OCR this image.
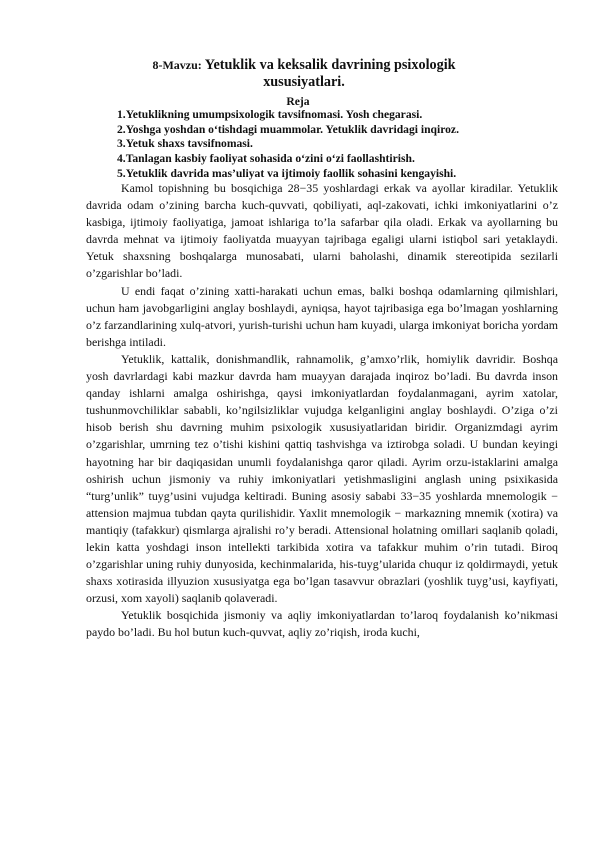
8-Mavzu: Yetuklik va keksalik davrining psixologik
xususiyatlari.
Reja
1.Yetuklikning umumpsixologik tavsifnomasi. Yosh chegarasi.
2.Yoshga yoshdan o‘tishdagi muammolar. Yetuklik davridagi inqiroz.
3.Yetuk shaxs tavsifnomasi.
4.Tanlagan kasbiy faoliyat sohasida o‘zini o‘zi faollashtirish.
5.Yetuklik davrida mas’uliyat va ijtimoiy faollik sohasini kengayishi.

Kamol topishning bu bosqichiga 28−35 yoshlardagi erkak va ayollar kiradilar. Yetuklik davrida odam o’zining barcha kuch-quvvati, qobiliyati, aql-zakovati, ichki imkoniyatlarini o’z kasbiga, ijtimoiy faoliyatiga, jamoat ishlariga to’la safarbar qila oladi. Erkak va ayollarning bu davrda mehnat va ijtimoiy faoliyatda muayyan tajribaga egaligi ularni istiqbol sari yetaklaydi. Yetuk shaxsning boshqalarga munosabati, ularni baholashi, dinamik stereotipida sezilarli o’zgarishlar bo’ladi.

U endi faqat o’zining xatti-harakati uchun emas, balki boshqa odamlarning qilmishlari, uchun ham javobgarligini anglay boshlaydi, ayniqsa, hayot tajribasiga ega bo’lmagan yoshlarning o’z farzandlarining xulq-atvori, yurish-turishi uchun ham kuyadi, ularga imkoniyat boricha yordam berishga intiladi.

Yetuklik, kattalik, donishmandlik, rahnamolik, g’amxo’rlik, homiylik davridir. Boshqa yosh davrlardagi kabi mazkur davrda ham muayyan darajada inqiroz bo’ladi. Bu davrda inson qanday ishlarni amalga oshirishga, qaysi imkoniyatlardan foydalanmagani, ayrim xatolar, tushunmovchiliklar sababli, ko’ngilsizliklar vujudga kelganligini anglay boshlaydi. O’ziga o’zi hisob berish shu davrning muhim psixologik xususiyatlaridan biridir. Organizmdagi ayrim o’zgarishlar, umrning tez o’tishi kishini qattiq tashvishga va iztirobga soladi. U bundan keyingi hayotning har bir daqiqasidan unumli foydalanishga qaror qiladi. Ayrim orzu-istaklarini amalga oshirish uchun jismoniy va ruhiy imkoniyatlari yetishmasligini anglash uning psixikasida “turg’unlik” tuyg’usini vujudga keltiradi. Buning asosiy sababi 33−35 yoshlarda mnemologik − attension majmua tubdan qayta qurilishidir. Yaxlit mnemologik − markazning mnemik (xotira) va mantiqiy (tafakkur) qismlarga ajralishi ro’y beradi. Attensional holatning omillari saqlanib qoladi, lekin katta yoshdagi inson intellekti tarkibida xotira va tafakkur muhim o’rin tutadi. Biroq o’zgarishlar uning ruhiy dunyosida, kechinmalarida, his-tuyg’ularida chuqur iz qoldirmaydi, yetuk shaxs xotirasida illyuzion xususiyatga ega bo’lgan tasavvur obrazlari (yoshlik tuyg’usi, kayfiyati, orzusi, xom xayoli) saqlanib qolaveradi.

Yetuklik bosqichida jismoniy va aqliy imkoniyatlardan to’laroq foydalanish ko’nikmasi paydo bo’ladi. Bu hol butun kuch-quvvat, aqliy zo’riqish, iroda kuchi,
